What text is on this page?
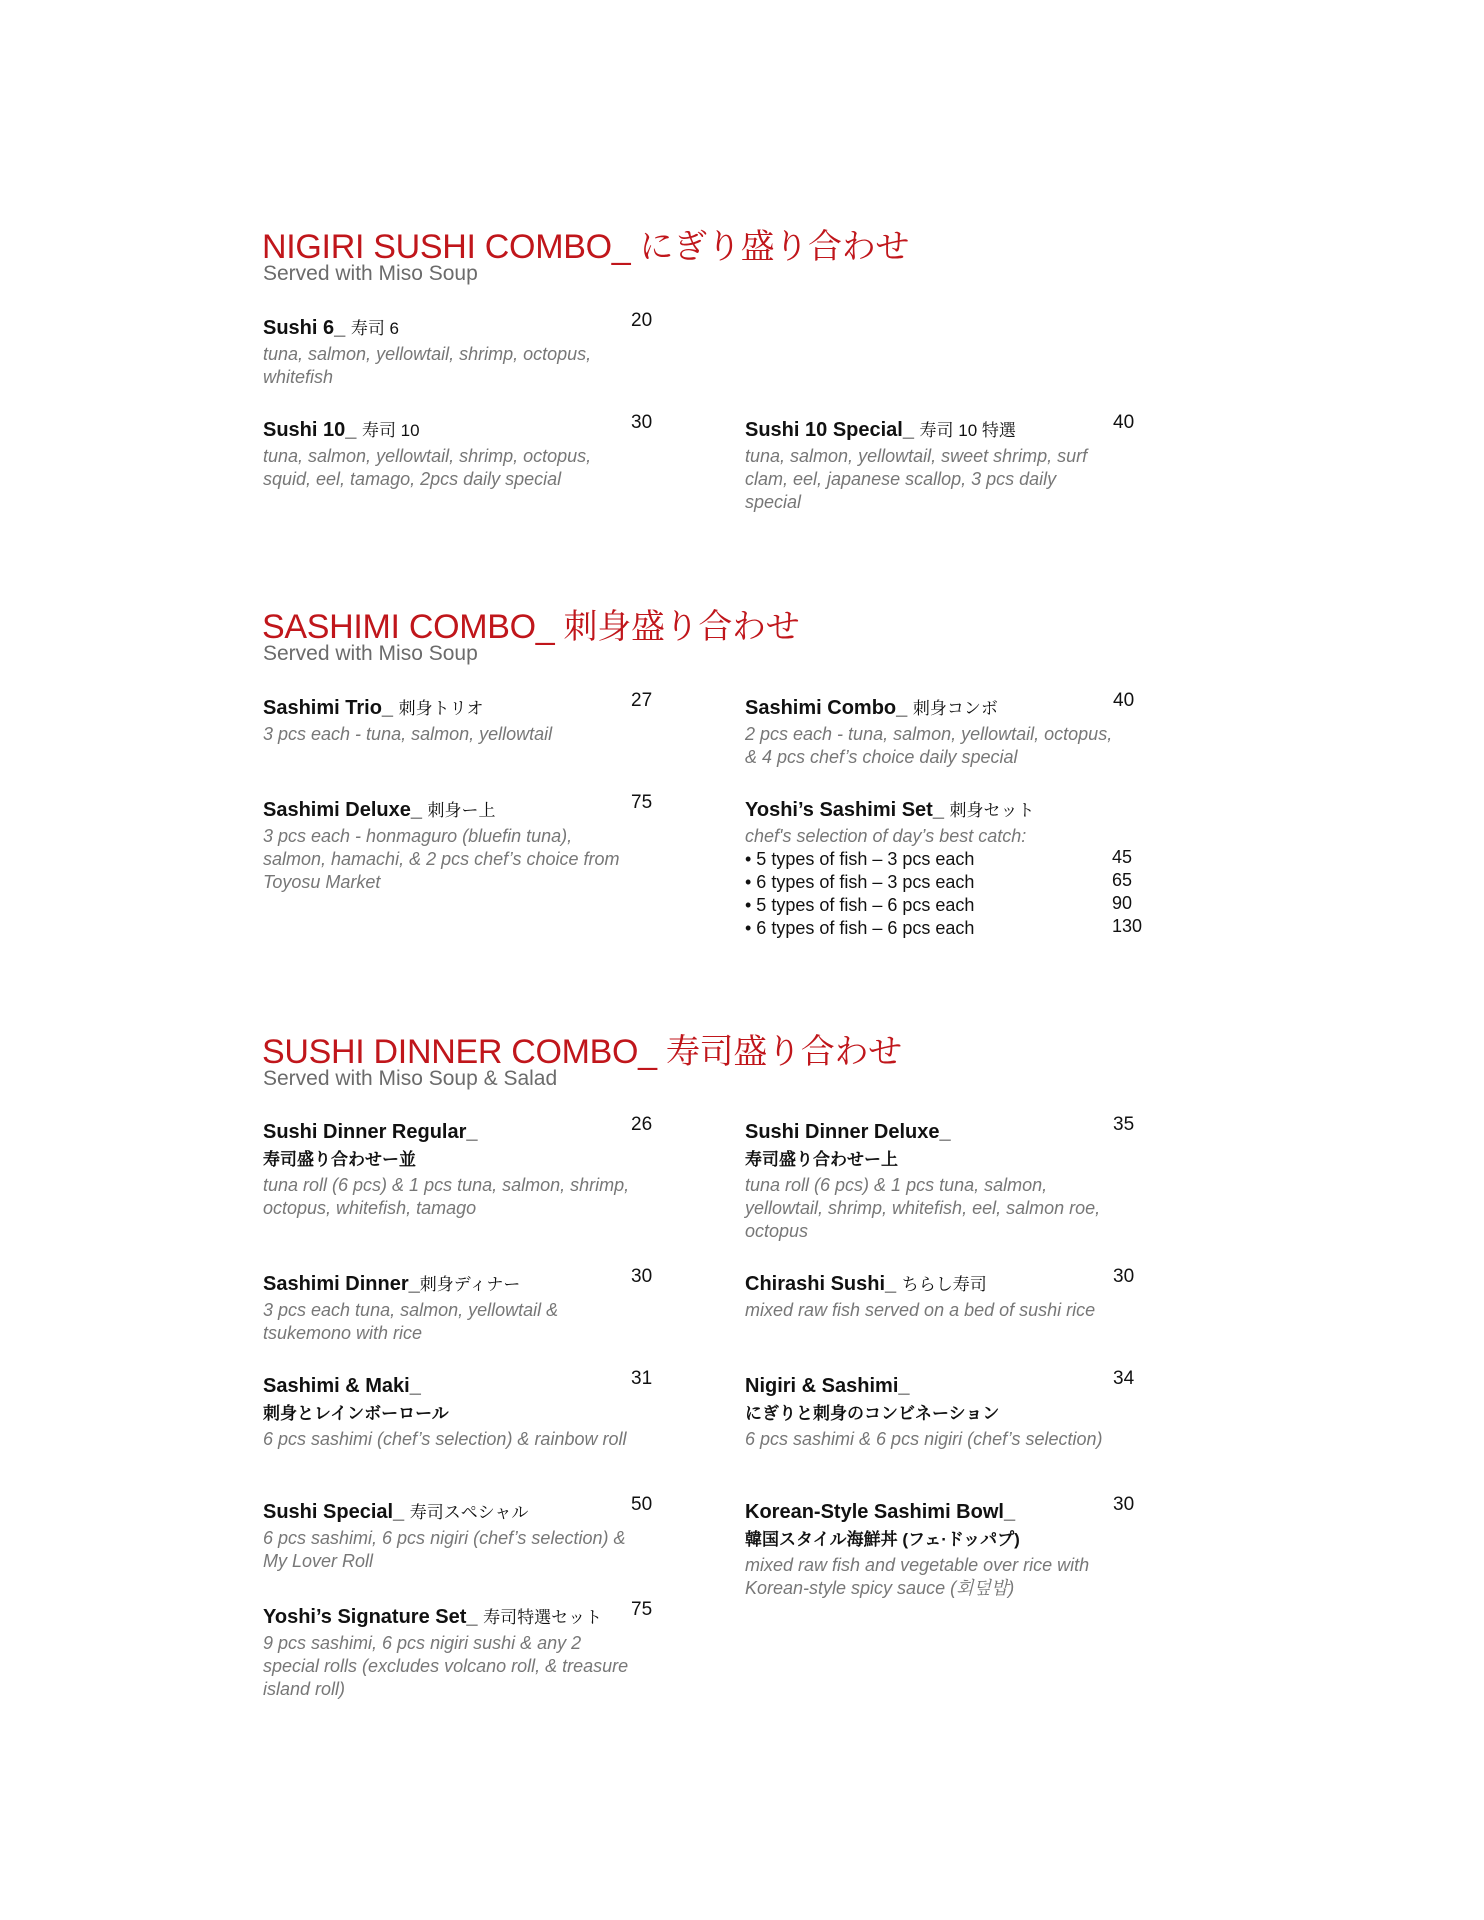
NIGIRI SUSHI COMBO_ にぎり盛り合わせ

Served with Miso Soup

Sushi 6_ 寿司 6	20
tuna, salmon, yellowtail, shrimp, octopus, whitefish
Sushi 10_ 寿司 10	30
tuna, salmon, yellowtail, shrimp, octopus, squid, eel, tamago, 2pcs daily special
Sushi 10 Special_ 寿司 10 特選	40
tuna, salmon, yellowtail, sweet shrimp, surf clam, eel, japanese scallop, 3 pcs daily special
SASHIMI COMBO_ 刺身盛り合わせ

Served with Miso Soup

Sashimi Trio_ 刺身トリオ	27
3 pcs each - tuna, salmon, yellowtail
Sashimi Combo_ 刺身コンボ	40
2 pcs each - tuna, salmon, yellowtail, octopus, & 4 pcs chef’s choice daily special
Sashimi Deluxe_ 刺身ー上	75
3 pcs each - honmaguro (bluefin tuna), salmon, hamachi, & 2 pcs chef’s choice from Toyosu Market
Yoshi’s Sashimi Set_ 刺身セット
chef's selection of day’s best catch:
• 5 types of fish – 3 pcs each	45
• 6 types of fish – 3 pcs each	65
• 5 types of fish – 6 pcs each	90
• 6 types of fish – 6 pcs each	130
SUSHI DINNER COMBO_ 寿司盛り合わせ

Served with Miso Soup & Salad

Sushi Dinner Regular_
寿司盛り合わせー並
26
tuna roll (6 pcs) & 1 pcs tuna, salmon, shrimp, octopus, whitefish, tamago
Sushi Dinner Deluxe_
寿司盛り合わせー上
35
tuna roll (6 pcs) & 1 pcs tuna, salmon, yellowtail, shrimp, whitefish, eel, salmon roe, octopus
Sashimi Dinner_刺身ディナー	30
3 pcs each tuna, salmon, yellowtail & tsukemono with rice
Chirashi Sushi_ ちらし寿司	30
mixed raw fish served on a bed of sushi rice
Sashimi & Maki_
刺身とレインボーロール
31
6 pcs sashimi (chef’s selection) & rainbow roll
Nigiri & Sashimi_
にぎりと刺身のコンビネーション
34
6 pcs sashimi & 6 pcs nigiri (chef’s selection)
Sushi Special_ 寿司スペシャル	50
6 pcs sashimi, 6 pcs nigiri (chef’s selection) & My Lover Roll
Korean-Style Sashimi Bowl_
韓国スタイル海鮮丼 (フェ·ドッパプ)
30
mixed raw fish and vegetable over rice with Korean-style spicy sauce (회덮밥)
Yoshi’s Signature Set_ 寿司特選セット	75
9 pcs sashimi, 6 pcs nigiri sushi & any 2 special rolls (excludes volcano roll, & treasure island roll)
